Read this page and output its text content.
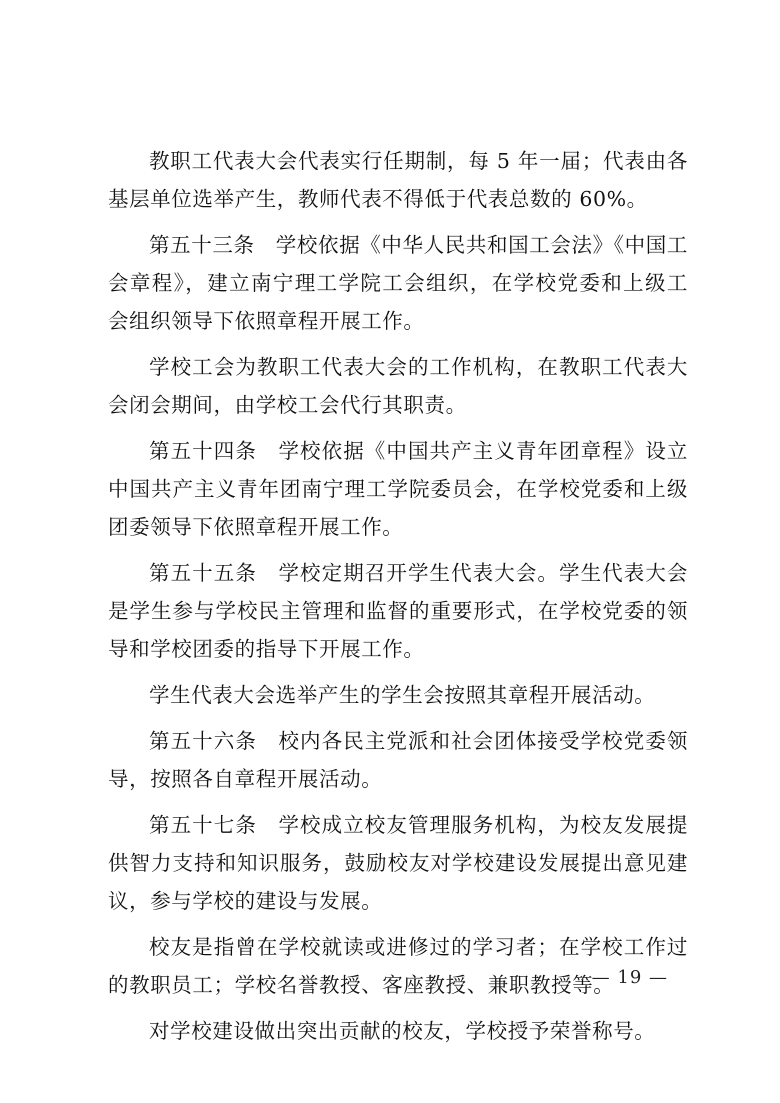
教职工代表大会代表实行任期制，每 5 年一届；代表由各基层单位选举产生，教师代表不得低于代表总数的 60%。

第五十三条　学校依据《中华人民共和国工会法》《中国工会章程》，建立南宁理工学院工会组织，在学校党委和上级工会组织领导下依照章程开展工作。

学校工会为教职工代表大会的工作机构，在教职工代表大会闭会期间，由学校工会代行其职责。

第五十四条　学校依据《中国共产主义青年团章程》设立中国共产主义青年团南宁理工学院委员会，在学校党委和上级团委领导下依照章程开展工作。

第五十五条　学校定期召开学生代表大会。学生代表大会是学生参与学校民主管理和监督的重要形式，在学校党委的领导和学校团委的指导下开展工作。

学生代表大会选举产生的学生会按照其章程开展活动。

第五十六条　校内各民主党派和社会团体接受学校党委领导，按照各自章程开展活动。

第五十七条　学校成立校友管理服务机构，为校友发展提供智力支持和知识服务，鼓励校友对学校建设发展提出意见建议，参与学校的建设与发展。

校友是指曾在学校就读或进修过的学习者；在学校工作过的教职员工；学校名誉教授、客座教授、兼职教授等。

对学校建设做出突出贡献的校友，学校授予荣誉称号。

— 19 —
